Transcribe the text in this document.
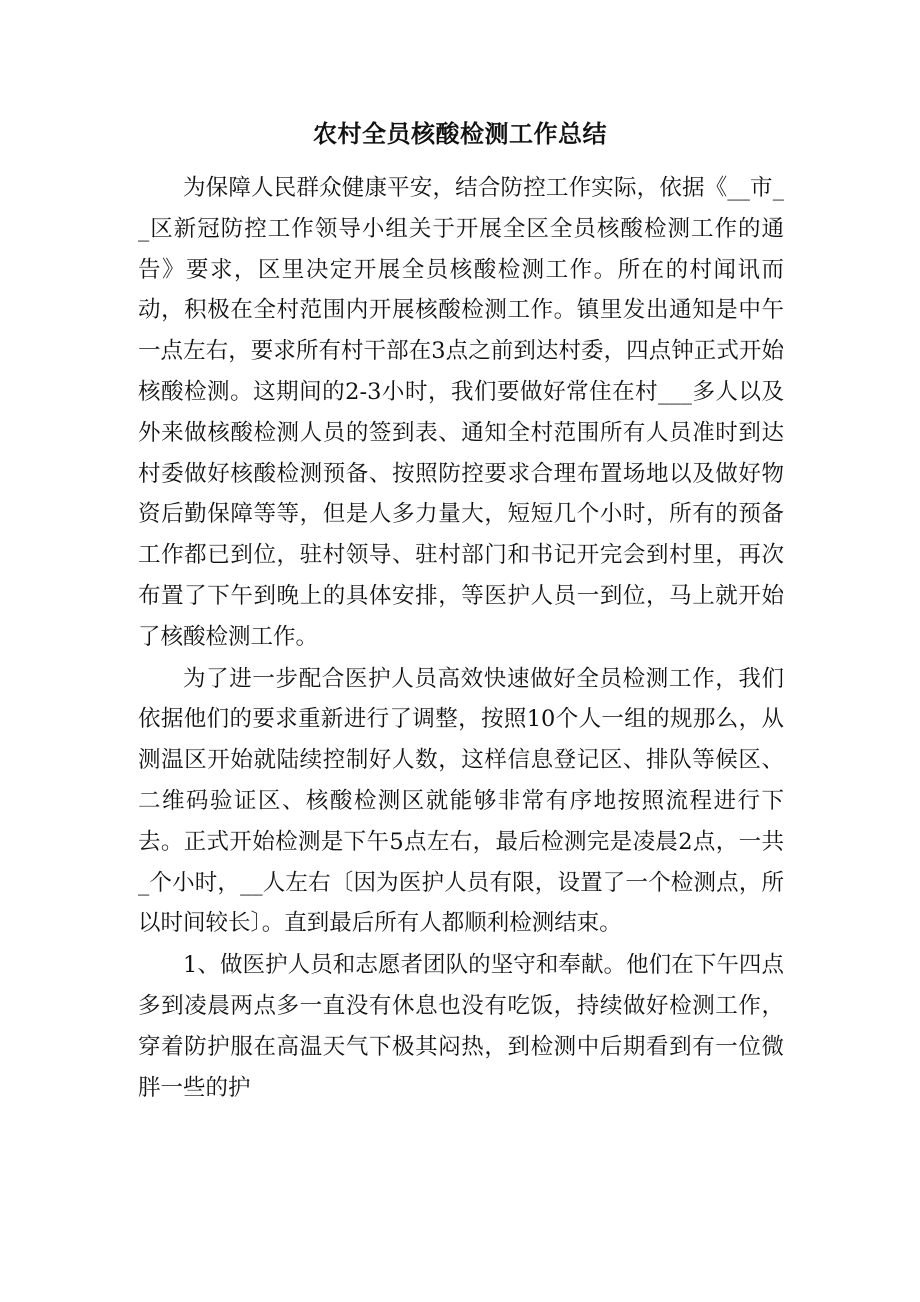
农村全员核酸检测工作总结

为保障人民群众健康平安，结合防控工作实际，依据《__市__区新冠防控工作领导小组关于开展全区全员核酸检测工作的通告》要求，区里决定开展全员核酸检测工作。所在的村闻讯而动，积极在全村范围内开展核酸检测工作。镇里发出通知是中午一点左右，要求所有村干部在3点之前到达村委，四点钟正式开始核酸检测。这期间的2-3小时，我们要做好常住在村___多人以及外来做核酸检测人员的签到表、通知全村范围所有人员准时到达村委做好核酸检测预备、按照防控要求合理布置场地以及做好物资后勤保障等等，但是人多力量大，短短几个小时，所有的预备工作都已到位，驻村领导、驻村部门和书记开完会到村里，再次布置了下午到晚上的具体安排，等医护人员一到位，马上就开始了核酸检测工作。

为了进一步配合医护人员高效快速做好全员检测工作，我们依据他们的要求重新进行了调整，按照10个人一组的规那么，从测温区开始就陆续控制好人数，这样信息登记区、排队等候区、二维码验证区、核酸检测区就能够非常有序地按照流程进行下去。正式开始检测是下午5点左右，最后检测完是凌晨2点，一共_个小时，__人左右〔因为医护人员有限，设置了一个检测点，所以时间较长〕。直到最后所有人都顺利检测结束。

1、做医护人员和志愿者团队的坚守和奉献。他们在下午四点多到凌晨两点多一直没有休息也没有吃饭，持续做好检测工作，穿着防护服在高温天气下极其闷热，到检测中后期看到有一位微胖一些的护
